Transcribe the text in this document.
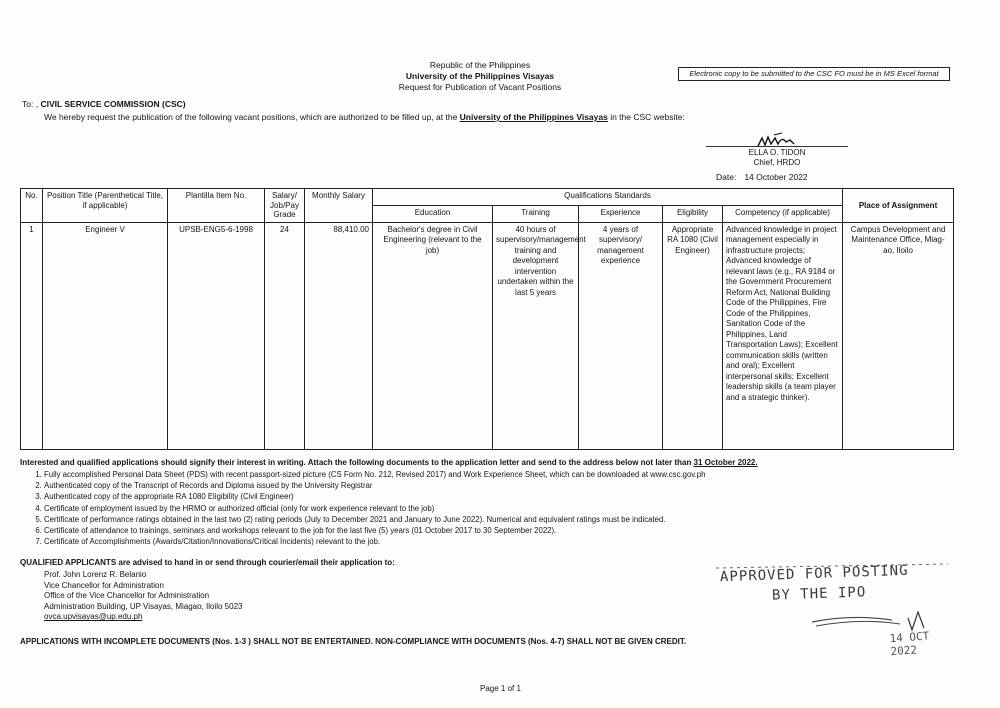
Republic of the Philippines
University of the Philippines Visayas
Request for Publication of Vacant Positions
Electronic copy to be submitted to the CSC FO must be in MS Excel format
To: , CIVIL SERVICE COMMISSION (CSC)
We hereby request the publication of the following vacant positions, which are authorized to be filled up, at the University of the Philippines Visayas in the CSC website:
ELLA O. TIDON
Chief, HRDO
Date: 14 October 2022
No.	Position Title (Parenthetical Title, if applicable)	Plantilla Item No.	Salary/ Job/Pay Grade	Monthly Salary	Qualifications Standards					Place of Assignment
					Education	Training	Experience	Eligibility	Competency (if applicable)	
1	Engineer V	UPSB-ENG5-6-1998	24	88,410.00	Bachelor's degree in Civil Engineering (relevant to the job)	40 hours of supervisory/management training and development intervention undertaken within the last 5 years	4 years of supervisory/ management experience	Appropriate RA 1080 (Civil Engineer)	Advanced knowledge in project management especially in infrastructure projects; Advanced knowledge of relevant laws (e.g., RA 9184 or the Government Procurement Reform Act, National Building Code of the Philippines, Fire Code of the Philippines, Sanitation Code of the Philippines, Land Transportation Laws); Excellent communication skills (written and oral); Excellent interpersonal skills; Excellent leadership skills (a team player and a strategic thinker).	Campus Development and Maintenance Office, Miag-ao, Iloilo
Interested and qualified applications should signify their interest in writing. Attach the following documents to the application letter and send to the address below not later than 31 October 2022.
1. Fully accomplished Personal Data Sheet (PDS) with recent passport-sized picture (CS Form No. 212, Revised 2017) and Work Experience Sheet, which can be downloaded at www.csc.gov.ph
2. Authenticated copy of the Transcript of Records and Diploma issued by the University Registrar
3. Authenticated copy of the appropriate RA 1080 Eligibility (Civil Engineer)
4. Certificate of employment issued by the HRMO or authorized official (only for work experience relevant to the job)
5. Certificate of performance ratings obtained in the last two (2) rating periods (July to December 2021 and January to June 2022). Numerical and equivalent ratings must be indicated.
6. Certificate of attendance to trainings, seminars and workshops relevant to the job for the last five (5) years (01 October 2017 to 30 September 2022).
7. Certificate of Accomplishments (Awards/Citation/Innovations/Critical Incidents) relevant to the job.
QUALIFIED APPLICANTS are advised to hand in or send through courier/email their application to:
Prof. John Lorenz R. Belanio
Vice Chancellor for Administration
Office of the Vice Chancellor for Administration
Administration Building, UP Visayas, Miagao, Iloilo 5023
ovca.upvisayas@up.edu.ph
APPLICATIONS WITH INCOMPLETE DOCUMENTS (Nos. 1-3 ) SHALL NOT BE ENTERTAINED. NON-COMPLIANCE WITH DOCUMENTS (Nos. 4-7) SHALL NOT BE GIVEN CREDIT.
APPROVED FOR POSTING
BY THE IPO
14 OCT 2022
Page 1 of 1
